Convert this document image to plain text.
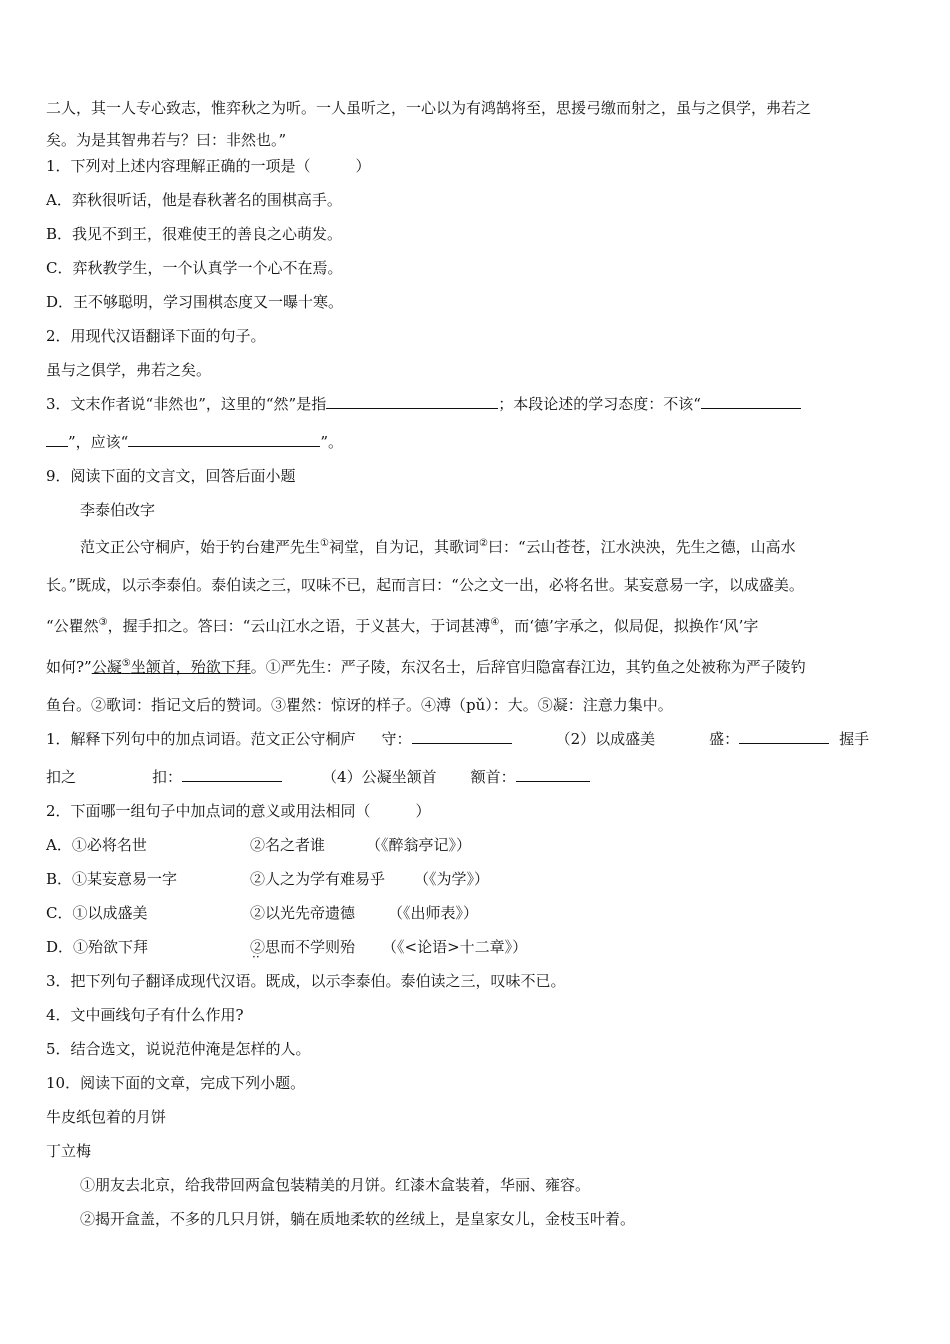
二人，其一人专心致志，惟弈秋之为听。一人虽听之，一心以为有鸿鹄将至，思援弓缴而射之，虽与之俱学，弗若之

矣。为是其智弗若与？曰：非然也。”

1．下列对上述内容理解正确的一项是（　　　）

A．弈秋很听话，他是春秋著名的围棋高手。

B．我见不到王，很难使王的善良之心萌发。

C．弈秋教学生，一个认真学一个心不在焉。

D．王不够聪明，学习围棋态度又一曝十寒。

2．用现代汉语翻译下面的句子。

虽与之俱学，弗若之矣。

3．文末作者说“非然也”，这里的“然”是指	；本段论述的学习态度：不该“

”，应该“	”。

9．阅读下面的文言文，回答后面小题

李泰伯改字

范文正公守桐庐，始于钓台建严先生①祠堂，自为记，其歌词②曰：“云山苍苍，江水泱泱，先生之德，山高水

长。”既成，以示李泰伯。泰伯读之三，叹味不已，起而言曰：“公之文一出，必将名世。某妄意易一字，以成盛美。

“公瞿然③，握手扣之。答曰：“云山江水之语，于义甚大，于词甚溥④，而‘德’字承之，似局促，拟换作‘风’字

如何?”公凝⑤坐颔首，殆欲下拜。①严先生：严子陵，东汉名士，后辞官归隐富春江边，其钓鱼之处被称为严子陵钓

鱼台。②歌词：指记文后的赞词。③瞿然：惊讶的样子。④溥（pǔ）：大。⑤凝：注意力集中。

1．解释下列句中的加点词语。范文正公守桐庐 守：	（2）以成盛美	盛：	握手

扣之	扣：	（4）公凝坐颔首 额首：

2．下面哪一组句子中加点词的意义或用法相同（　　　）

A．①必将名世	②名之者谁	（《醉翁亭记》）

B．①某妄意易一字	②人之为学有难易乎 （《为学》）

C．①以成盛美	②以光先帝遗德 （《出师表》）

D．①殆欲下拜	②思而不学则殆 ·· （《<论语>十二章》）

3．把下列句子翻译成现代汉语。既成，以示李泰伯。泰伯读之三，叹味不已。

4．文中画线句子有什么作用?

5．结合选文，说说范仲淹是怎样的人。

10．阅读下面的文章，完成下列小题。

牛皮纸包着的月饼

丁立梅

①朋友去北京，给我带回两盒包装精美的月饼。红漆木盒装着，华丽、雍容。

②揭开盒盖，不多的几只月饼，躺在质地柔软的丝绒上，是皇家女儿，金枝玉叶着。
